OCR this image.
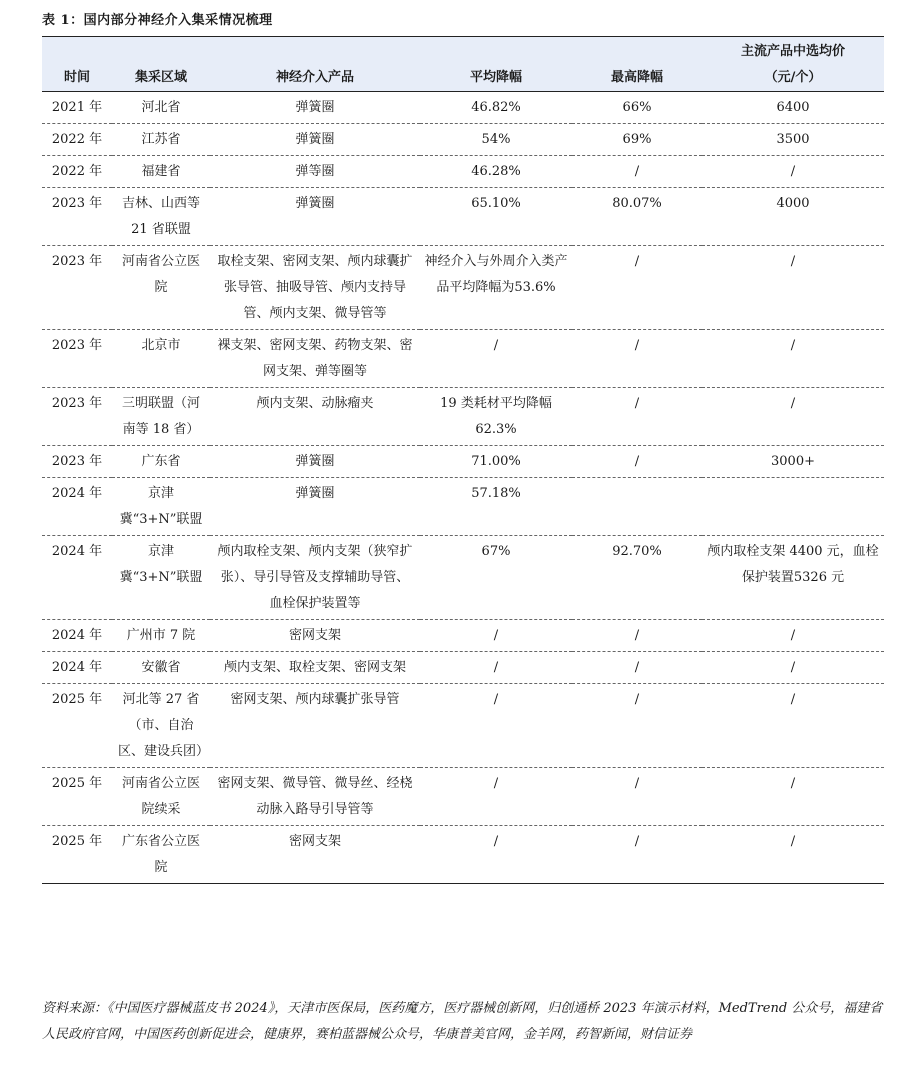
表 1：国内部分神经介入集采情况梳理
时间	集采区域	神经介入产品	平均降幅	最高降幅	主流产品中选均价
（元/个）

2021 年	河北省	弹簧圈	46.82%	66%	6400
2022 年	江苏省	弹簧圈	54%	69%	3500
2022 年	福建省	弹等圈	46.28%	/	/
2023 年	吉林、山西等 21 省联盟	弹簧圈	65.10%	80.07%	4000
2023 年	河南省公立医院	取栓支架、密网支架、颅内球囊扩张导管、抽吸导管、颅内支持导管、颅内支架、微导管等	神经介入与外周介入类产品平均降幅为53.6%	/	/
2023 年	北京市	裸支架、密网支架、药物支架、密网支架、弹等圈等	/	/	/
2023 年	三明联盟（河南等 18 省）	颅内支架、动脉瘤夹	19 类耗材平均降幅62.3%	/	/
2023 年	广东省	弹簧圈	71.00%	/	3000+
2024 年	京津冀“3+N”联盟	弹簧圈	57.18%		
2024 年	京津冀“3+N”联盟	颅内取栓支架、颅内支架（狭窄扩张）、导引导管及支撑辅助导管、血栓保护装置等	67%	92.70%	颅内取栓支架 4400 元，血栓保护装置5326 元
2024 年	广州市 7 院	密网支架	/	/	/
2024 年	安徽省	颅内支架、取栓支架、密网支架	/	/	/
2025 年	河北等 27 省（市、自治区、建设兵团）	密网支架、颅内球囊扩张导管	/	/	/
2025 年	河南省公立医院续采	密网支架、微导管、微导丝、经桡动脉入路导引导管等	/	/	/
2025 年	广东省公立医院	密网支架	/	/	/
资料来源：《中国医疗器械蓝皮书 2024》，天津市医保局，医药魔方，医疗器械创新网，归创通桥 2023 年演示材料，MedTrend 公众号，福建省人民政府官网，中国医药创新促进会，健康界，赛柏蓝器械公众号，华康普美官网，金羊网，药智新闻，财信证券
